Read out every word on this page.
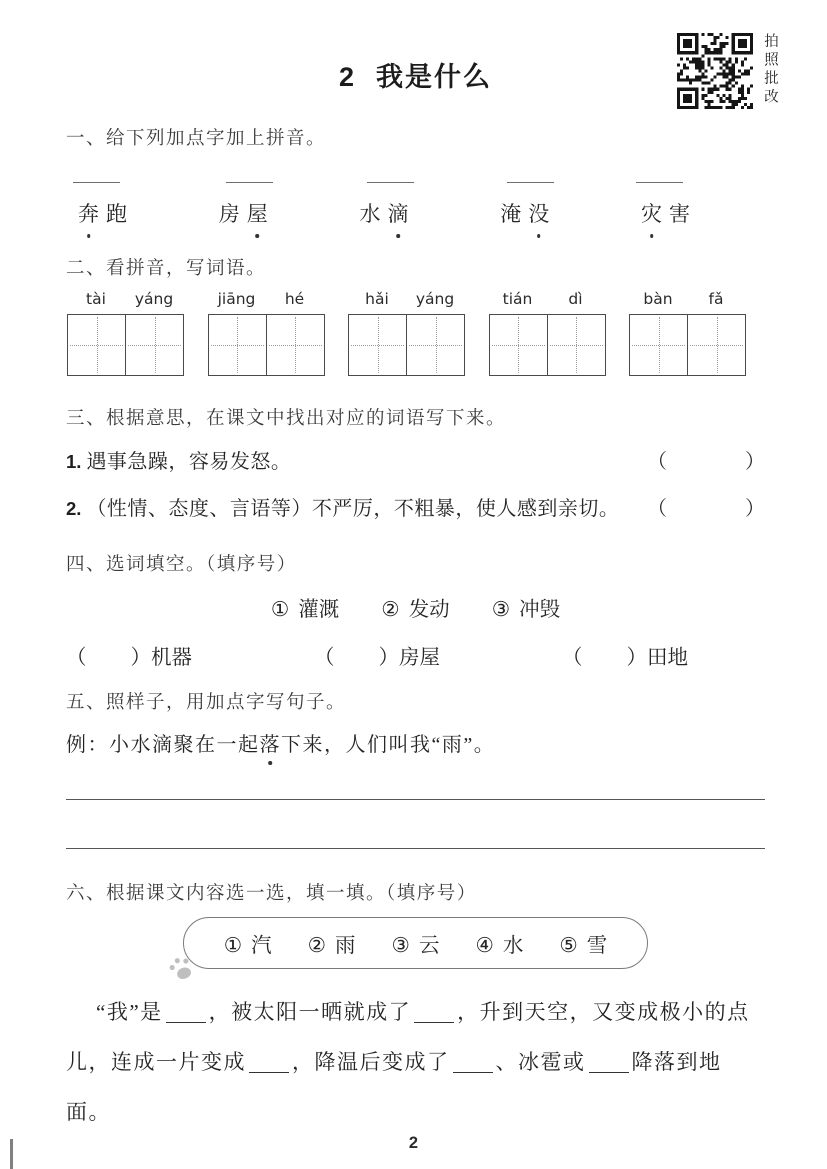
拍照批改
2 我是什么
一、给下列加点字加上拼音。
奔 跑	房 屋	水 滴	淹 没	灾 害
二、看拼音，写词语。
tài	yáng	jiāng	hé	hǎi	yáng	tián	dì	bàn	fǎ
三、根据意思，在课文中找出对应的词语写下来。
1. 遇事急躁，容易发怒。	（	）
2. （性情、态度、言语等）不严厉，不粗暴，使人感到亲切。	（	）
四、选词填空。（填序号）
① 灌溉 ② 发动 ③ 冲毁
（ ） 机器	（ ） 房屋	（ ） 田地
五、照样子，用加点字写句子。
例：小水滴聚在一起落下来，人们叫我“雨”。
六、根据课文内容选一选，填一填。（填序号）
① 汽 ② 雨 ③ 云 ④ 水 ⑤ 雪
“我”是 ，被太阳一晒就成了 ，升到天空，又变成极小的点
儿，连成一片变成 ，降温后变成了 、冰雹或 降落到地面。
2
